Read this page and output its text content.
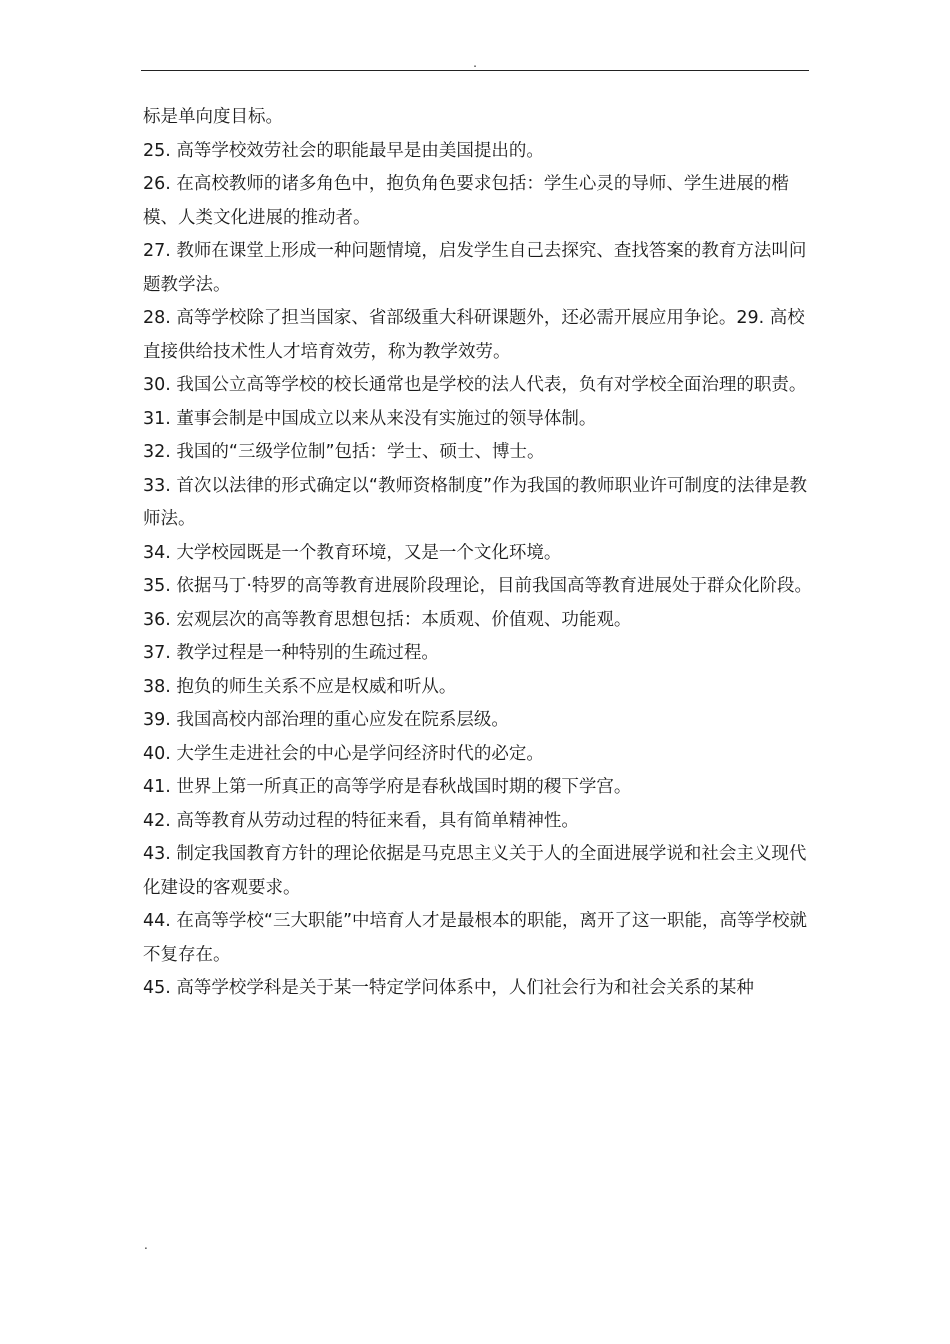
.

标是单向度目标。

25. 高等学校效劳社会的职能最早是由美国提出的。

26. 在高校教师的诸多角色中，抱负角色要求包括：学生心灵的导师、学生进展的楷模、人类文化进展的推动者。

27. 教师在课堂上形成一种问题情境，启发学生自己去探究、查找答案的教育方法叫问题教学法。

28. 高等学校除了担当国家、省部级重大科研课题外，还必需开展应用争论。29. 高校直接供给技术性人才培育效劳，称为教学效劳。

30. 我国公立高等学校的校长通常也是学校的法人代表，负有对学校全面治理的职责。

31. 董事会制是中国成立以来从来没有实施过的领导体制。

32. 我国的“三级学位制”包括：学士、硕士、博士。

33. 首次以法律的形式确定以“教师资格制度”作为我国的教师职业许可制度的法律是教师法。

34. 大学校园既是一个教育环境，又是一个文化环境。

35. 依据马丁·特罗的高等教育进展阶段理论，目前我国高等教育进展处于群众化阶段。

36. 宏观层次的高等教育思想包括：本质观、价值观、功能观。

37. 教学过程是一种特别的生疏过程。

38. 抱负的师生关系不应是权威和听从。

39. 我国高校内部治理的重心应发在院系层级。

40. 大学生走进社会的中心是学问经济时代的必定。

41. 世界上第一所真正的高等学府是春秋战国时期的稷下学宫。

42. 高等教育从劳动过程的特征来看，具有简单精神性。

43. 制定我国教育方针的理论依据是马克思主义关于人的全面进展学说和社会主义现代化建设的客观要求。

44. 在高等学校“三大职能”中培育人才是最根本的职能，离开了这一职能，高等学校就不复存在。

45. 高等学校学科是关于某一特定学问体系中，人们社会行为和社会关系的某种

.
